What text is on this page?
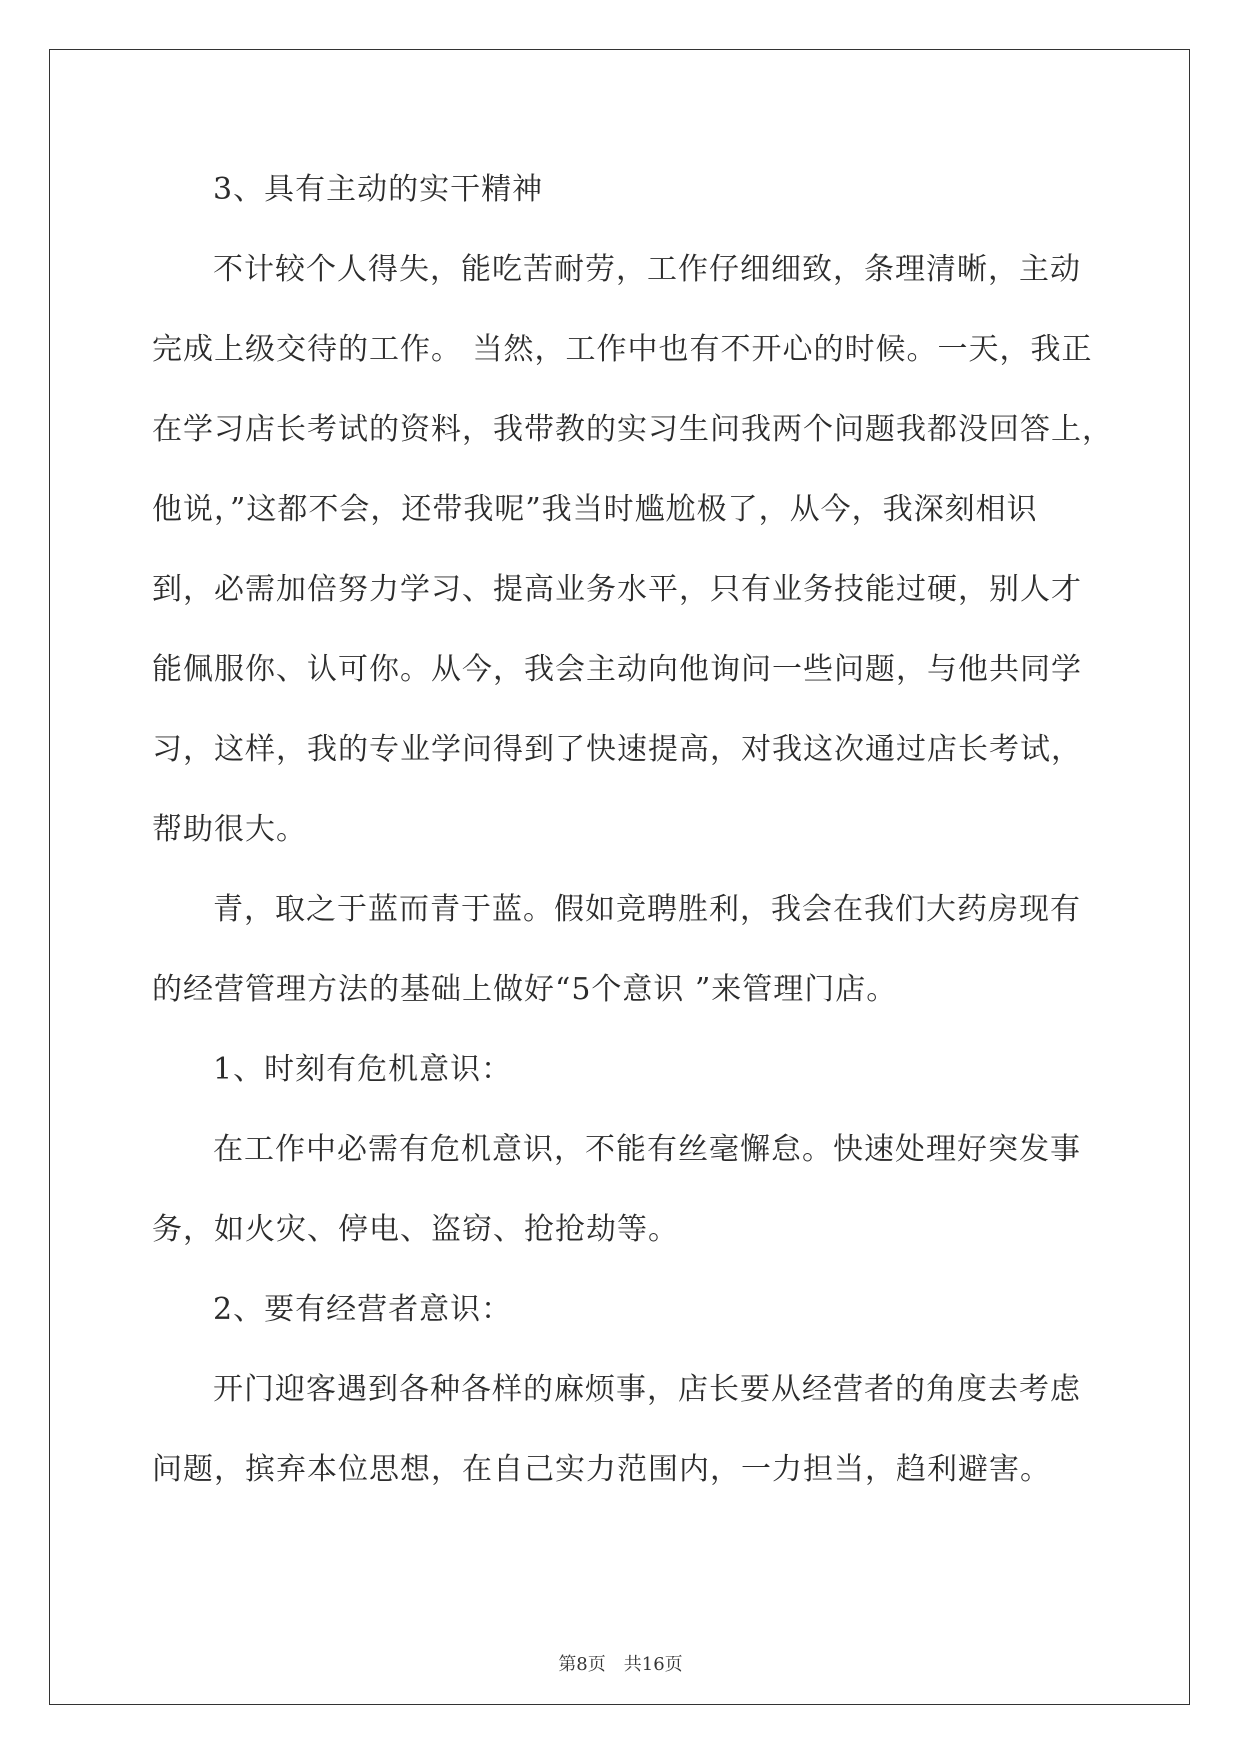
3、具有主动的实干精神
不计较个人得失，能吃苦耐劳，工作仔细细致，条理清晰，主动
完成上级交待的工作。 当然，工作中也有不开心的时候。一天，我正
在学习店长考试的资料，我带教的实习生问我两个问题我都没回答上，
他说，”这都不会，还带我呢”我当时尴尬极了，从今，我深刻相识
到，必需加倍努力学习、提高业务水平，只有业务技能过硬，别人才
能佩服你、认可你。从今，我会主动向他询问一些问题，与他共同学
习，这样，我的专业学问得到了快速提高，对我这次通过店长考试，
帮助很大。
青，取之于蓝而青于蓝。假如竞聘胜利，我会在我们大药房现有
的经营管理方法的基础上做好“5个意识 ”来管理门店。
1、时刻有危机意识：
在工作中必需有危机意识，不能有丝毫懈怠。快速处理好突发事
务，如火灾、停电、盗窃、抢抢劫等。
2、要有经营者意识：
开门迎客遇到各种各样的麻烦事，店长要从经营者的角度去考虑
问题，摈弃本位思想，在自己实力范围内，一力担当，趋利避害。
第8页 共16页
